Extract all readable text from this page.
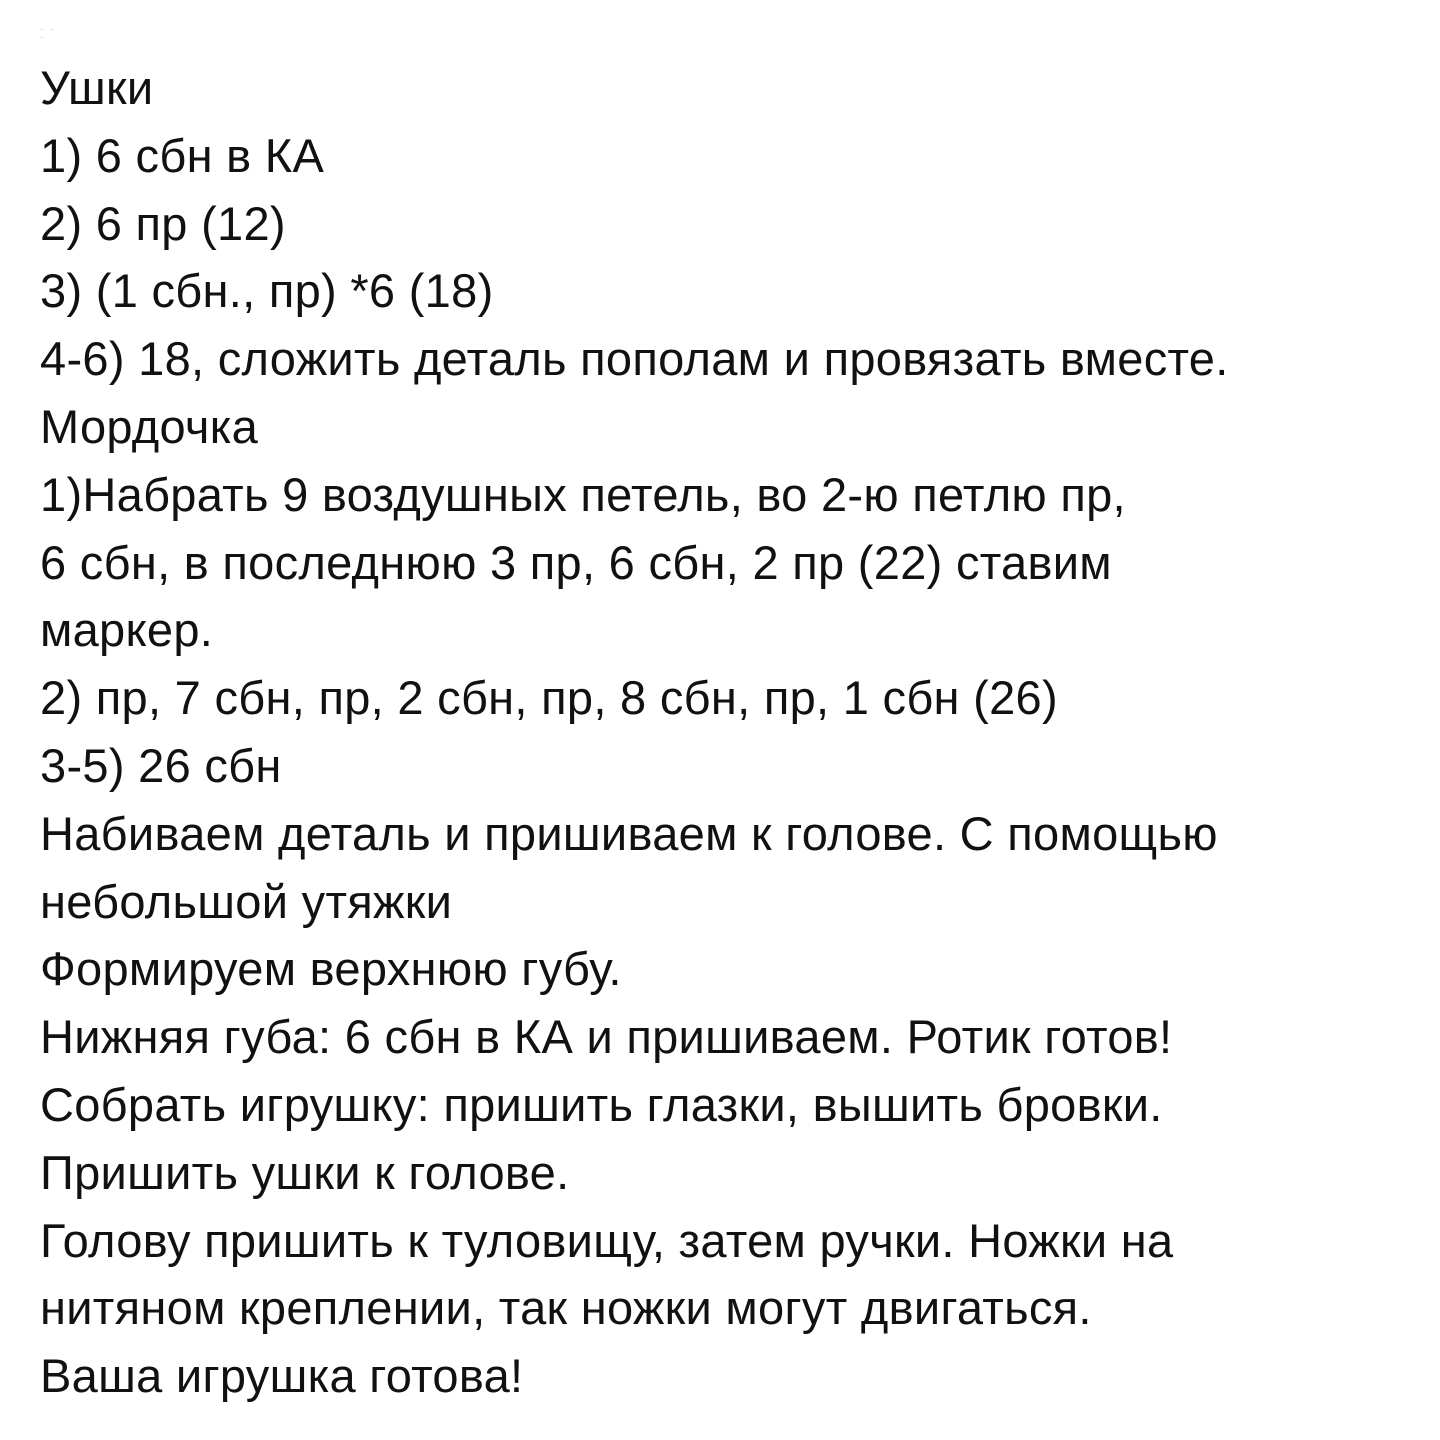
· · ·
Ушки
1) 6 сбн в КА
2) 6 пр (12)
3) (1 сбн., пр) *6 (18)
4-6) 18, сложить деталь пополам и провязать вместе.
Мордочка
1)Набрать 9 воздушных петель, во 2-ю петлю пр,
6 сбн, в последнюю 3 пр, 6 сбн, 2 пр (22) ставим
маркер.
2) пр, 7 сбн, пр, 2 сбн, пр, 8 сбн, пр, 1 сбн (26)
3-5) 26 сбн
Набиваем деталь и пришиваем к голове. С помощью
небольшой утяжки
Формируем верхнюю губу.
Нижняя губа: 6 сбн в КА и пришиваем. Ротик готов!
Собрать игрушку: пришить глазки, вышить бровки.
Пришить ушки к голове.
Голову пришить к туловищу, затем ручки. Ножки на
нитяном креплении, так ножки могут двигаться.
Ваша игрушка готова!
